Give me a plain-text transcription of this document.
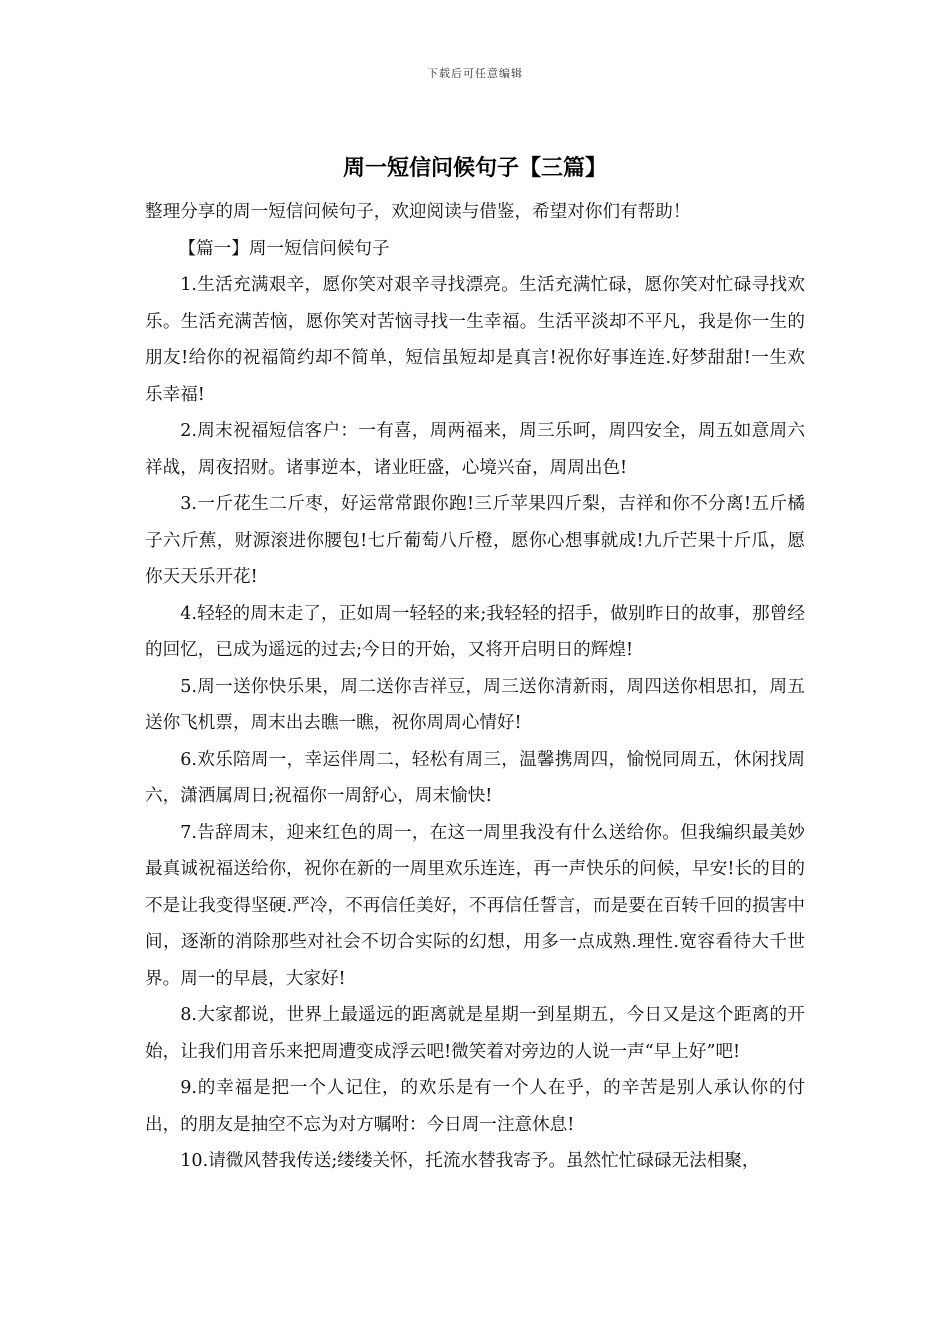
下载后可任意编辑
周一短信问候句子【三篇】

整理分享的周一短信问候句子，欢迎阅读与借鉴，希望对你们有帮助！

【篇一】周一短信问候句子

1.生活充满艰辛，愿你笑对艰辛寻找漂亮。生活充满忙碌，愿你笑对忙碌寻找欢乐。生活充满苦恼，愿你笑对苦恼寻找一生幸福。生活平淡却不平凡，我是你一生的朋友!给你的祝福简约却不简单，短信虽短却是真言!祝你好事连连.好梦甜甜!一生欢乐幸福!

2.周末祝福短信客户：一有喜，周两福来，周三乐呵，周四安全，周五如意周六祥战，周夜招财。诸事逆本，诸业旺盛，心境兴奋，周周出色!

3.一斤花生二斤枣，好运常常跟你跑!三斤苹果四斤梨，吉祥和你不分离!五斤橘子六斤蕉，财源滚进你腰包!七斤葡萄八斤橙，愿你心想事就成!九斤芒果十斤瓜，愿你天天乐开花!

4.轻轻的周末走了，正如周一轻轻的来;我轻轻的招手，做别昨日的故事，那曾经的回忆，已成为遥远的过去;今日的开始，又将开启明日的辉煌!

5.周一送你快乐果，周二送你吉祥豆，周三送你清新雨，周四送你相思扣，周五送你飞机票，周末出去瞧一瞧，祝你周周心情好!

6.欢乐陪周一，幸运伴周二，轻松有周三，温馨携周四，愉悦同周五，休闲找周六，潇洒属周日;祝福你一周舒心，周末愉快!

7.告辞周末，迎来红色的周一，在这一周里我没有什么送给你。但我编织最美妙最真诚祝福送给你，祝你在新的一周里欢乐连连，再一声快乐的问候，早安!长的目的不是让我变得坚硬.严冷，不再信任美好，不再信任誓言，而是要在百转千回的损害中间，逐渐的消除那些对社会不切合实际的幻想，用多一点成熟.理性.宽容看待大千世界。周一的早晨，大家好!

8.大家都说，世界上最遥远的距离就是星期一到星期五，今日又是这个距离的开始，让我们用音乐来把周遭变成浮云吧!微笑着对旁边的人说一声“早上好”吧!

9.的幸福是把一个人记住，的欢乐是有一个人在乎，的辛苦是别人承认你的付出，的朋友是抽空不忘为对方嘱咐：今日周一注意休息!

10.请微风替我传送;缕缕关怀，托流水替我寄予。虽然忙忙碌碌无法相聚，
